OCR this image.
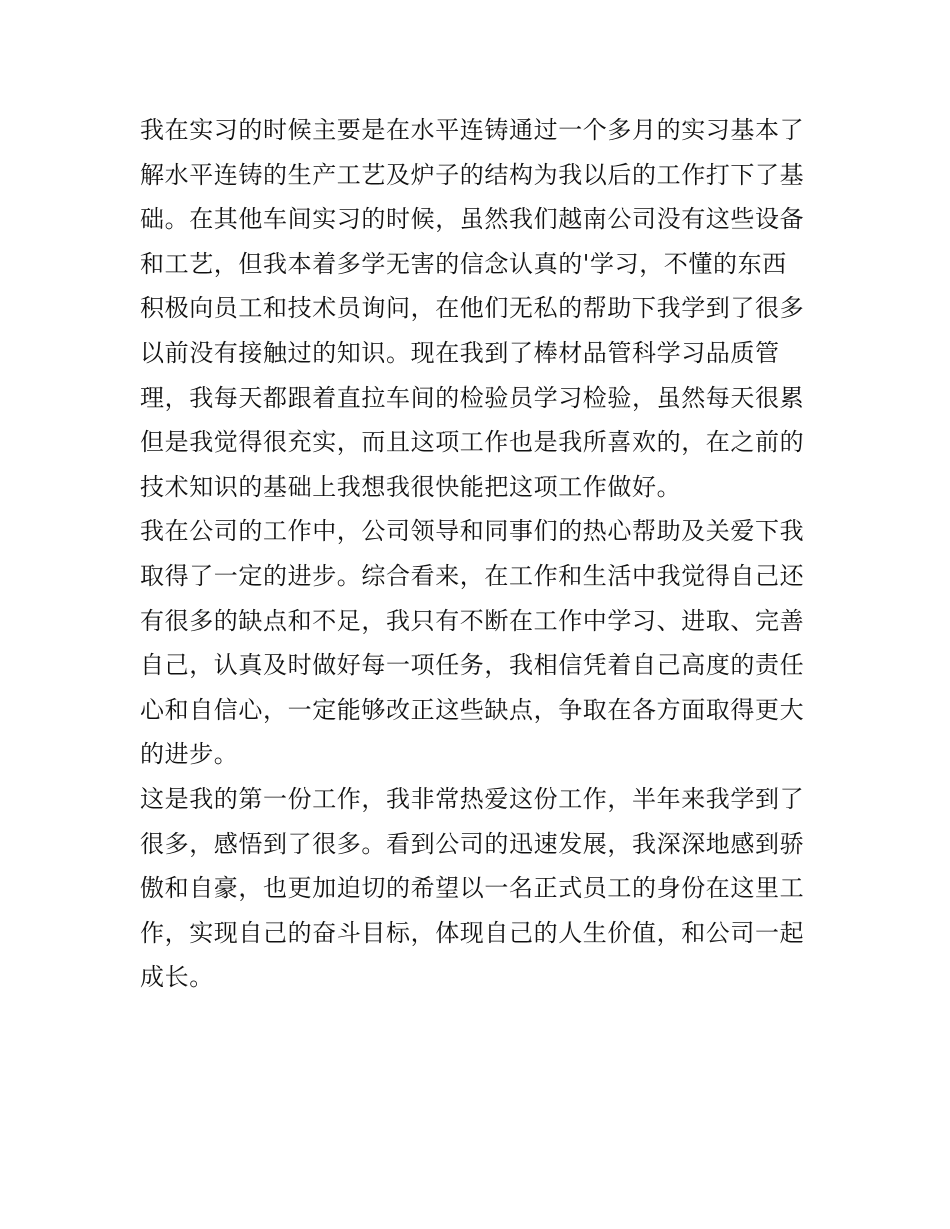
我在实习的时候主要是在水平连铸通过一个多月的实习基本了
解水平连铸的生产工艺及炉子的结构为我以后的工作打下了基
础。在其他车间实习的时候，虽然我们越南公司没有这些设备
和工艺，但我本着多学无害的信念认真的'学习，不懂的东西
积极向员工和技术员询问，在他们无私的帮助下我学到了很多
以前没有接触过的知识。现在我到了棒材品管科学习品质管
理，我每天都跟着直拉车间的检验员学习检验，虽然每天很累
但是我觉得很充实，而且这项工作也是我所喜欢的，在之前的
技术知识的基础上我想我很快能把这项工作做好。
我在公司的工作中，公司领导和同事们的热心帮助及关爱下我
取得了一定的进步。综合看来，在工作和生活中我觉得自己还
有很多的缺点和不足，我只有不断在工作中学习、进取、完善
自己，认真及时做好每一项任务，我相信凭着自己高度的责任
心和自信心，一定能够改正这些缺点，争取在各方面取得更大
的进步。
这是我的第一份工作，我非常热爱这份工作，半年来我学到了
很多，感悟到了很多。看到公司的迅速发展，我深深地感到骄
傲和自豪，也更加迫切的希望以一名正式员工的身份在这里工
作，实现自己的奋斗目标，体现自己的人生价值，和公司一起
成长。
